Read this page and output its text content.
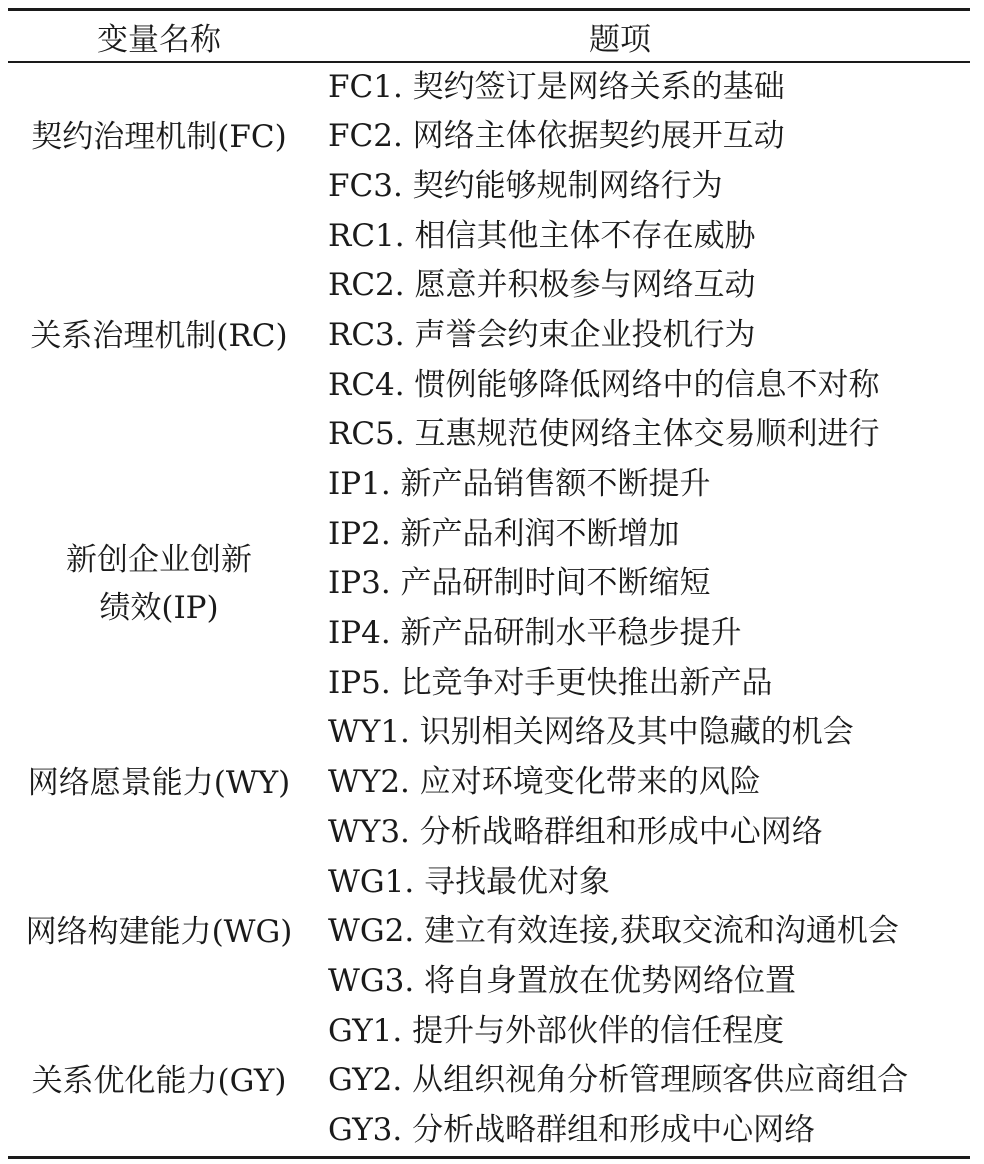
变量名称	题项
契约治理机制(FC)
FC1. 契约签订是网络关系的基础
FC2. 网络主体依据契约展开互动
FC3. 契约能够规制网络行为
关系治理机制(RC)
RC1. 相信其他主体不存在威胁
RC2. 愿意并积极参与网络互动
RC3. 声誉会约束企业投机行为
RC4. 惯例能够降低网络中的信息不对称
RC5. 互惠规范使网络主体交易顺利进行
新创企业创新
绩效(IP)
IP1. 新产品销售额不断提升
IP2. 新产品利润不断增加
IP3. 产品研制时间不断缩短
IP4. 新产品研制水平稳步提升
IP5. 比竞争对手更快推出新产品
网络愿景能力(WY)
WY1. 识别相关网络及其中隐藏的机会
WY2. 应对环境变化带来的风险
WY3. 分析战略群组和形成中心网络
网络构建能力(WG)
WG1. 寻找最优对象
WG2. 建立有效连接,获取交流和沟通机会
WG3. 将自身置放在优势网络位置
关系优化能力(GY)
GY1. 提升与外部伙伴的信任程度
GY2. 从组织视角分析管理顾客供应商组合
GY3. 分析战略群组和形成中心网络
